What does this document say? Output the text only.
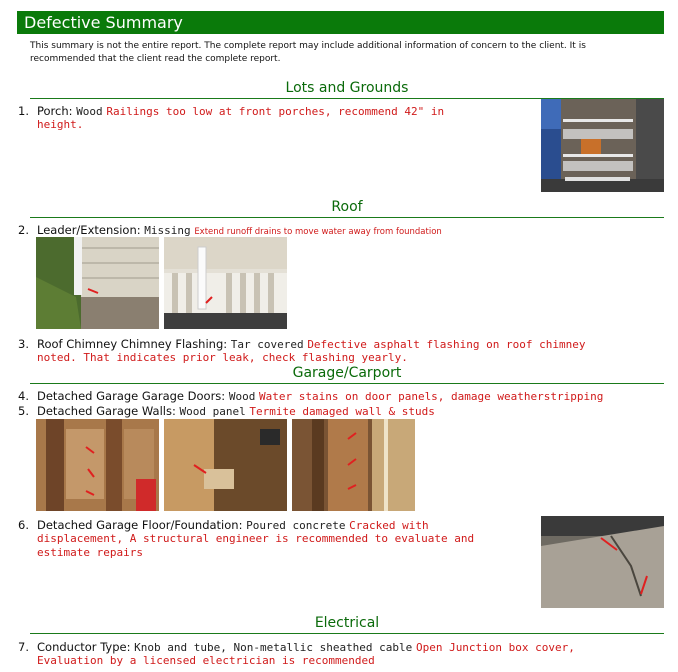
Defective Summary
This summary is not the entire report. The complete report may include additional information of concern to the client. It is recommended that the client read the complete report.
Lots and Grounds
1. Porch: Wood Railings too low at front porches, recommend 42" in
height.
Roof
2. Leader/Extension: Missing Extend runoff drains to move water away from foundation
3. Roof Chimney Chimney Flashing: Tar covered Defective asphalt flashing on roof chimney
noted. That indicates prior leak, check flashing yearly.
Garage/Carport
4. Detached Garage Garage Doors: Wood Water stains on door panels, damage weatherstripping
5. Detached Garage Walls: Wood panel Termite damaged wall & studs
6. Detached Garage Floor/Foundation: Poured concrete Cracked with
displacement, A structural engineer is recommended to evaluate and
estimate repairs
Electrical
7. Conductor Type: Knob and tube, Non-metallic sheathed cable Open Junction box cover,
Evaluation by a licensed electrician is recommended
